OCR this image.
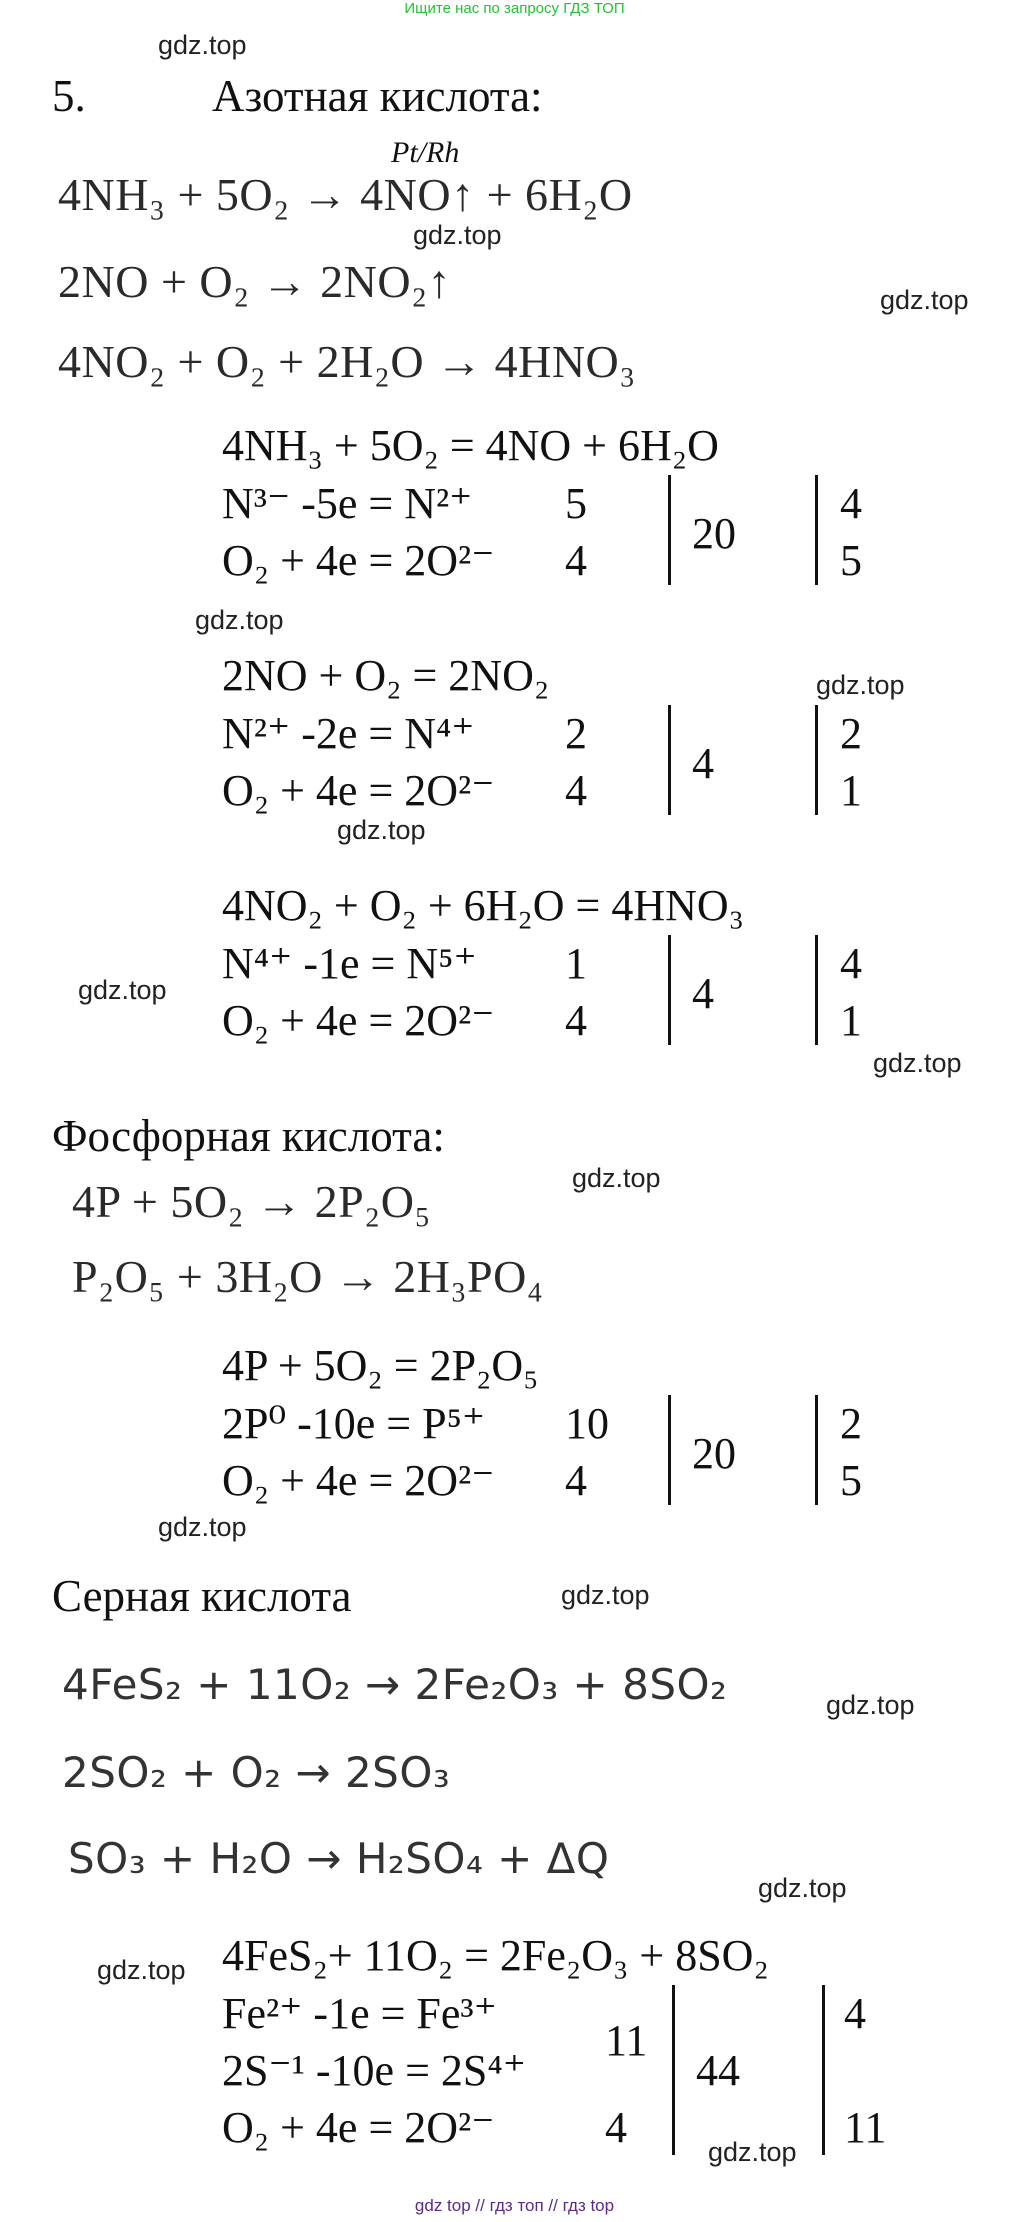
Ищите нас по запросу ГДЗ ТОП
gdz.top
gdz.top
gdz.top
gdz.top
gdz.top
gdz.top
gdz.top
gdz.top
gdz.top
gdz.top
gdz.top
gdz.top
gdz.top
gdz.top
gdz.top
5.	Азотная кислота:
4NH₃ + 5O₂ → 4NO↑ + 6H₂O
Pt/Rh
2NO + O₂ → 2NO₂↑
4NO₂ + O₂ + 2H₂O → 4HNO₃
4NH₃ + 5O₂ = 4NO + 6H₂O
N³⁻ -5e = N²⁺
O₂ + 4e = 2O²⁻
5
4
20
4
5
2NO + O₂ = 2NO₂
N²⁺ -2e = N⁴⁺
O₂ + 4e = 2O²⁻
2
4
4
2
1
4NO₂ + O₂ + 6H₂O = 4HNO₃
N⁴⁺ -1e = N⁵⁺
O₂ + 4e = 2O²⁻
1
4
4
4
1
Фосфорная кислота:
4P + 5O₂ → 2P₂O₅
P₂O₅ + 3H₂O → 2H₃PO₄
4P + 5O₂ = 2P₂O₅
2P⁰ -10e = P⁵⁺
O₂ + 4e = 2O²⁻
10
4
20
2
5
Серная кислота
4FeS₂ + 11O₂ → 2Fe₂O₃ + 8SO₂
2SO₂ + O₂ → 2SO₃
SO₃ + H₂O → H₂SO₄ + ΔQ
4FeS₂+ 11O₂ = 2Fe₂O₃ + 8SO₂
Fe²⁺ -1e = Fe³⁺
2S⁻¹ -10e = 2S⁴⁺
O₂ + 4e = 2O²⁻
11
4
44
4
11
gdz top // гдз топ // гдз top
